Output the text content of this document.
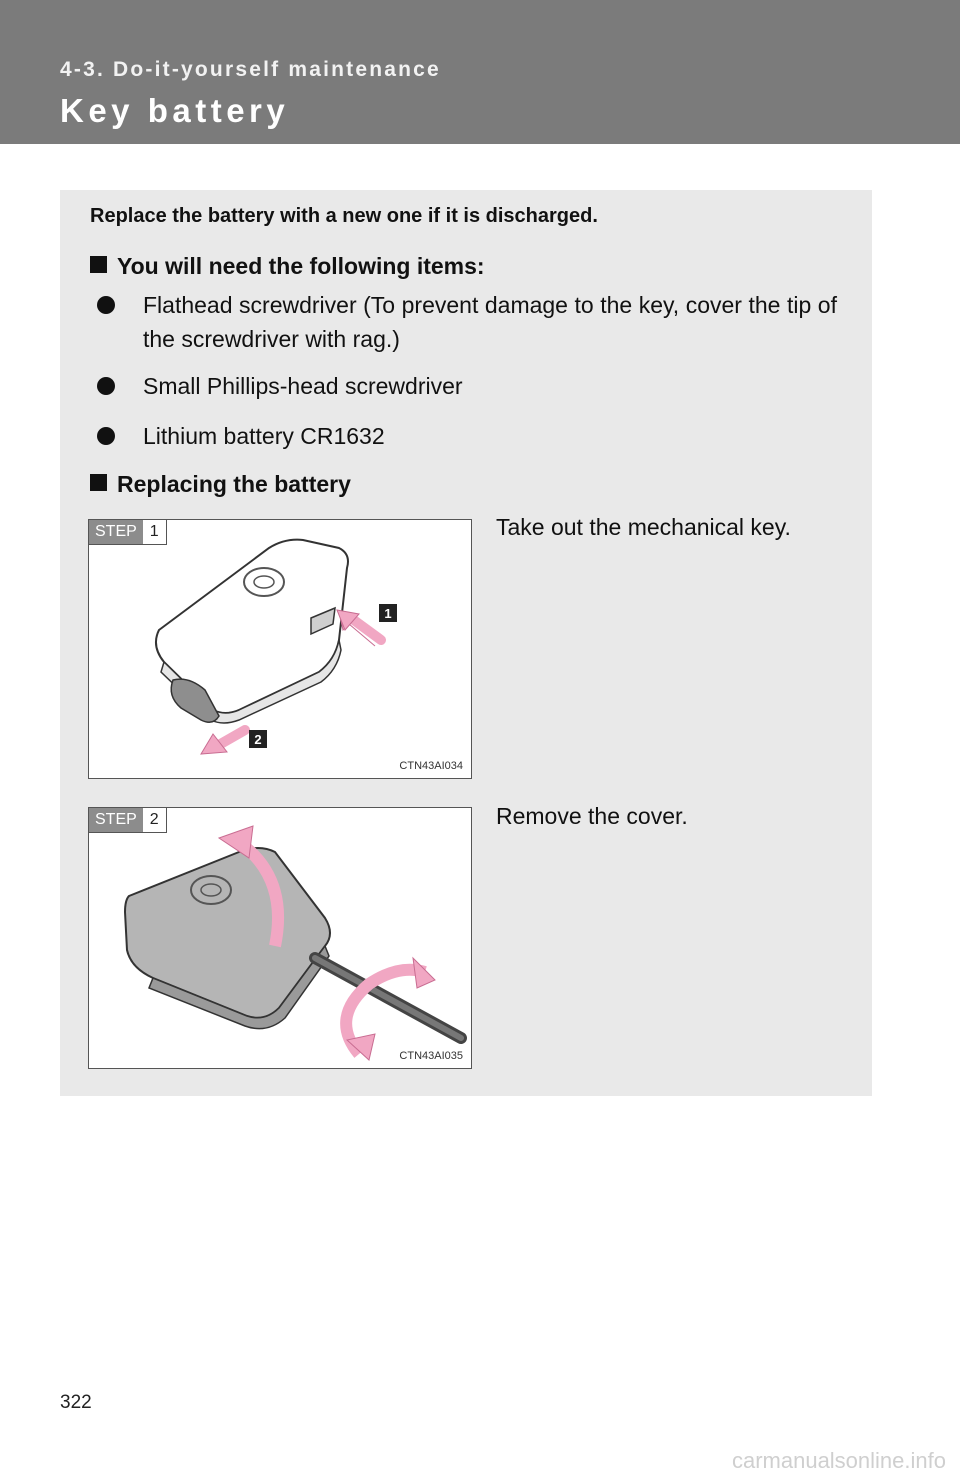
4-3. Do-it-yourself maintenance
Key battery
Replace the battery with a new one if it is discharged.
You will need the following items:
Flathead screwdriver (To prevent damage to the key, cover the tip of the screwdriver with rag.)
Small Phillips-head screwdriver
Lithium battery CR1632
Replacing the battery
1
2
STEP 1
CTN43AI034
Take out the mechanical key.
STEP 2
CTN43AI035
Remove the cover.
322
carmanualsonline.info
